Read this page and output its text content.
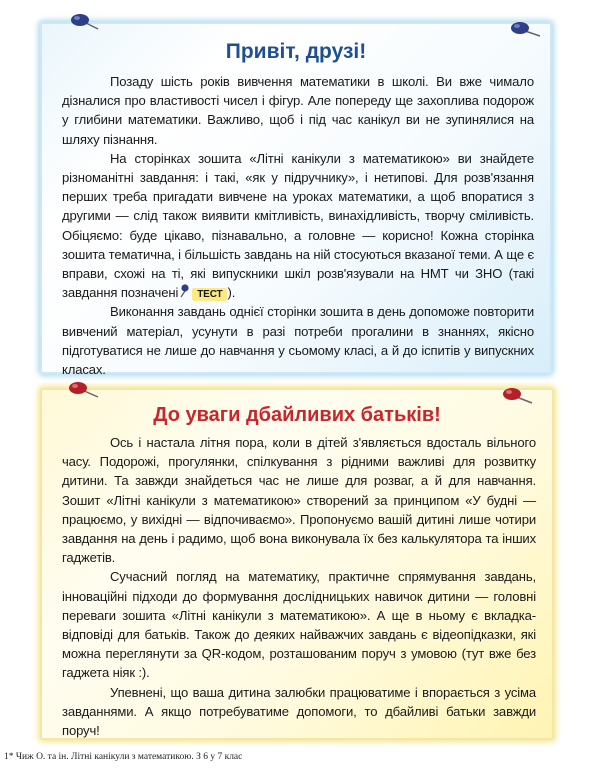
Привіт, друзі!

Позаду шість років вивчення математики в школі. Ви вже чимало дізналися про властивості чисел і фігур. Але попереду ще захоплива подорож у глибини математики. Важливо, щоб і під час канікул ви не зупинялися на шляху пізнання.

На сторінках зошита «Літні канікули з математикою» ви знайдете різноманітні завдання: і такі, «як у підручнику», і нетипові. Для розв'язання перших треба пригадати вивчене на уроках математики, а щоб впоратися з другими — слід також виявити кмітливість, винахідливість, творчу сміливість. Обіцяємо: буде цікаво, пізнавально, а головне — корисно! Кожна сторінка зошита тематична, і більшість завдань на ній стосуються вказаної теми. А ще є вправи, схожі на ті, які випускники шкіл розв'язували на НМТ чи ЗНО (такі завдання позначені ТЕСТ ).

Виконання завдань однієї сторінки зошита в день допоможе повторити вивчений матеріал, усунути в разі потреби прогалини в знаннях, якісно підготуватися не лише до навчання у сьомому класі, а й до іспитів у випускних класах.

До уваги дбайливих батьків!

Ось і настала літня пора, коли в дітей з'являється вдосталь вільного часу. Подорожі, прогулянки, спілкування з рідними важливі для розвитку дитини. Та завжди знайдеться час не лише для розваг, а й для навчання. Зошит «Літні канікули з математикою» створений за принципом «У будні — працюємо, у вихідні — відпочиваємо». Пропонуємо вашій дитині лише чотири завдання на день і радимо, щоб вона виконувала їх без калькулятора та інших гаджетів.

Сучасний погляд на математику, практичне спрямування завдань, інноваційні підходи до формування дослідницьких навичок дитини — головні переваги зошита «Літні канікули з математикою». А ще в ньому є вкладка-відповіді для батьків. Також до деяких найважчих завдань є відеопідказки, які можна переглянути за QR-кодом, розташованим поруч з умовою (тут вже без гаджета ніяк :).

Упевнені, що ваша дитина залюбки працюватиме і впорається з усіма завданнями. А якщо потребуватиме допомоги, то дбайливі батьки завжди поруч!

1* Чиж О. та ін. Літні канікули з математикою. З 6 у 7 клас
